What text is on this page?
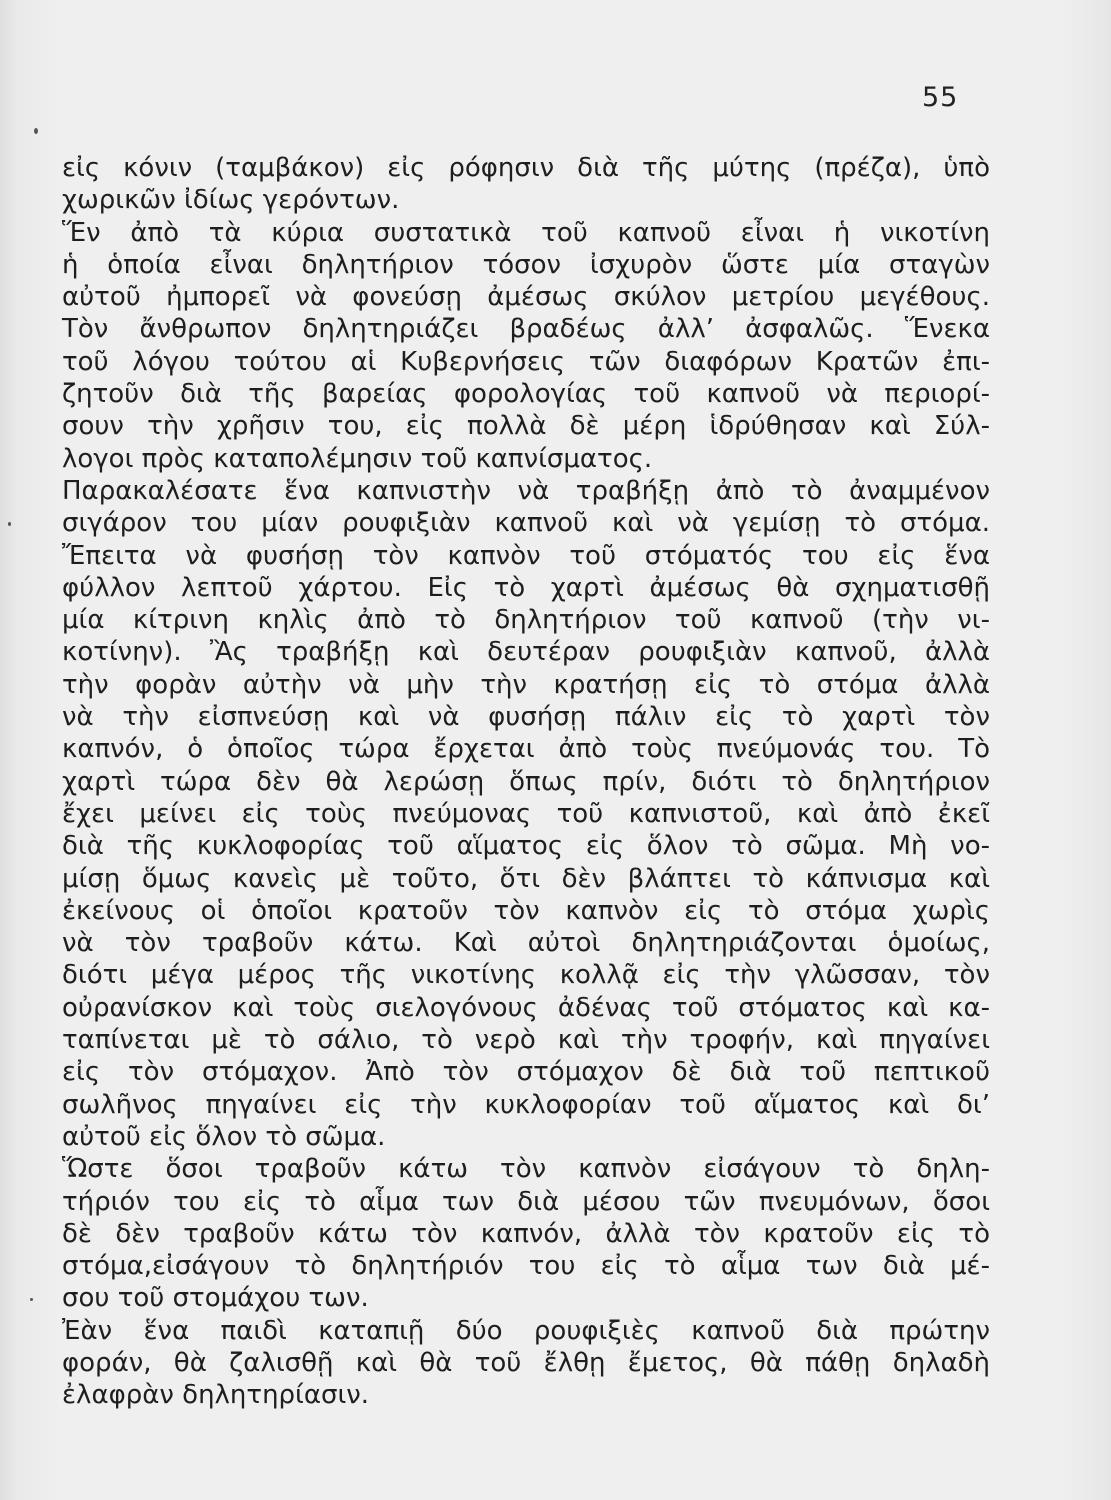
55
εἰς κόνιν (ταμβάκον) εἰς ρόφησιν διὰ τῆς μύτης (πρέζα), ὑπὸ
χωρικῶν ἰδίως γερόντων.
Ἕν ἀπὸ τὰ κύρια συστατικὰ τοῦ καπνοῦ εἶναι ἡ νικοτίνη
ἡ ὁποία εἶναι δηλητήριον τόσον ἰσχυρὸν ὥστε μία σταγὼν
αὐτοῦ ἠμπορεῖ νὰ φονεύσῃ ἀμέσως σκύλον μετρίου μεγέθους.
Τὸν ἄνθρωπον δηλητηριάζει βραδέως ἀλλ’ ἀσφαλῶς. Ἕνεκα
τοῦ λόγου τούτου αἱ Κυβερνήσεις τῶν διαφόρων Κρατῶν ἐπι-
ζητοῦν διὰ τῆς βαρείας φορολογίας τοῦ καπνοῦ νὰ περιορί-
σουν τὴν χρῆσιν του, εἰς πολλὰ δὲ μέρη ἱδρύθησαν καὶ Σύλ-
λογοι πρὸς καταπολέμησιν τοῦ καπνίσματος.
Παρακαλέσατε ἕνα καπνιστὴν νὰ τραβήξῃ ἀπὸ τὸ ἀναμμένον
σιγάρον του μίαν ρουφιξιὰν καπνοῦ καὶ νὰ γεμίσῃ τὸ στόμα.
Ἔπειτα νὰ φυσήσῃ τὸν καπνὸν τοῦ στόματός του εἰς ἕνα
φύλλον λεπτοῦ χάρτου. Εἰς τὸ χαρτὶ ἀμέσως θὰ σχηματισθῇ
μία κίτρινη κηλὶς ἀπὸ τὸ δηλητήριον τοῦ καπνοῦ (τὴν νι-
κοτίνην). Ἂς τραβήξῃ καὶ δευτέραν ρουφιξιὰν καπνοῦ, ἀλλὰ
τὴν φορὰν αὐτὴν νὰ μὴν τὴν κρατήσῃ εἰς τὸ στόμα ἀλλὰ
νὰ τὴν εἰσπνεύσῃ καὶ νὰ φυσήσῃ πάλιν εἰς τὸ χαρτὶ τὸν
καπνόν, ὁ ὁποῖος τώρα ἔρχεται ἀπὸ τοὺς πνεύμονάς του. Τὸ
χαρτὶ τώρα δὲν θὰ λερώσῃ ὅπως πρίν, διότι τὸ δηλητήριον
ἔχει μείνει εἰς τοὺς πνεύμονας τοῦ καπνιστοῦ, καὶ ἀπὸ ἐκεῖ
διὰ τῆς κυκλοφορίας τοῦ αἵματος εἰς ὅλον τὸ σῶμα. Μὴ νο-
μίσῃ ὅμως κανεὶς μὲ τοῦτο, ὅτι δὲν βλάπτει τὸ κάπνισμα καὶ
ἐκείνους οἱ ὁποῖοι κρατοῦν τὸν καπνὸν εἰς τὸ στόμα χωρὶς
νὰ τὸν τραβοῦν κάτω. Καὶ αὐτοὶ δηλητηριάζονται ὁμοίως,
διότι μέγα μέρος τῆς νικοτίνης κολλᾷ εἰς τὴν γλῶσσαν, τὸν
οὐρανίσκον καὶ τοὺς σιελογόνους ἀδένας τοῦ στόματος καὶ κα-
ταπίνεται μὲ τὸ σάλιο, τὸ νερὸ καὶ τὴν τροφήν, καὶ πηγαίνει
εἰς τὸν στόμαχον. Ἀπὸ τὸν στόμαχον δὲ διὰ τοῦ πεπτικοῦ
σωλῆνος πηγαίνει εἰς τὴν κυκλοφορίαν τοῦ αἵματος καὶ δι’
αὐτοῦ εἰς ὅλον τὸ σῶμα.
Ὥστε ὅσοι τραβοῦν κάτω τὸν καπνὸν εἰσάγουν τὸ δηλη-
τήριόν του εἰς τὸ αἷμα των διὰ μέσου τῶν πνευμόνων, ὅσοι
δὲ δὲν τραβοῦν κάτω τὸν καπνόν, ἀλλὰ τὸν κρατοῦν εἰς τὸ
στόμα,εἰσάγουν τὸ δηλητήριόν του εἰς τὸ αἷμα των διὰ μέ-
σου τοῦ στομάχου των.
Ἐὰν ἕνα παιδὶ καταπιῇ δύο ρουφιξιὲς καπνοῦ διὰ πρώτην
φοράν, θὰ ζαλισθῇ καὶ θὰ τοῦ ἔλθῃ ἔμετος, θὰ πάθῃ δηλαδὴ
ἐλαφρὰν δηλητηρίασιν.
